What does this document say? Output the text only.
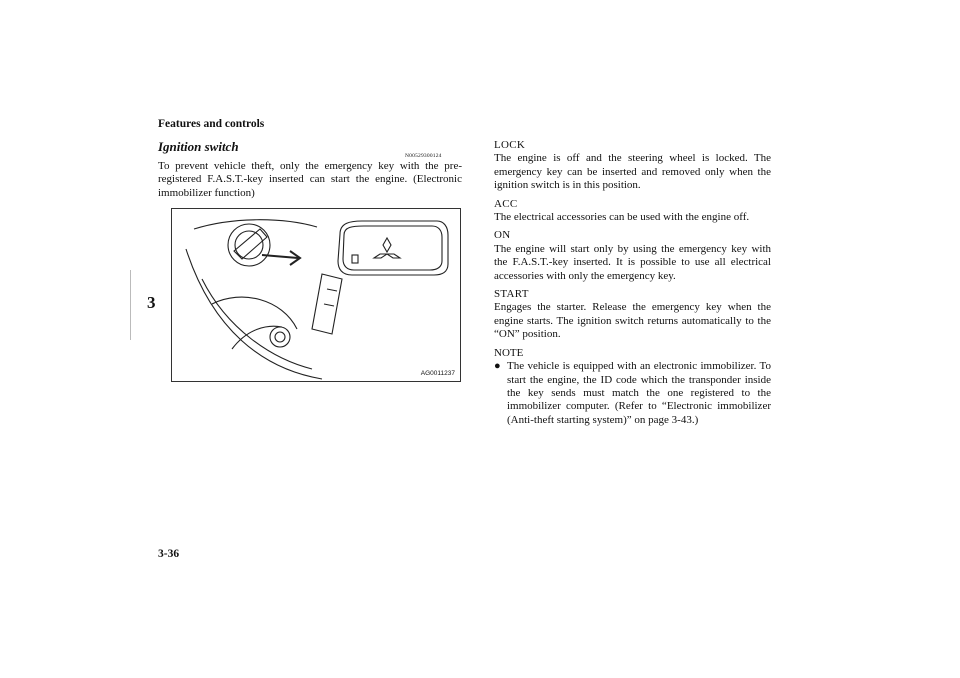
Features and controls
3
Ignition switch
N00529300124
To prevent vehicle theft, only the emergency key with the pre-registered F.A.S.T.-key inserted can start the engine. (Electronic immobilizer function)
AG0011237

LOCK

The engine is off and the steering wheel is locked. The emergency key can be inserted and removed only when the ignition switch is in this position.

ACC

The electrical accessories can be used with the engine off.

ON

The engine will start only by using the emergency key with the F.A.S.T.-key inserted. It is possible to use all electrical accessories with only the emergency key.

START

Engages the starter. Release the emergency key when the engine starts. The ignition switch returns automatically to the “ON” position.

NOTE

● The vehicle is equipped with an electronic immobilizer. To start the engine, the ID code which the transponder inside the key sends must match the one registered to the immobilizer computer. (Refer to “Electronic immobilizer (Anti-theft starting system)” on page 3-43.)

3-36
